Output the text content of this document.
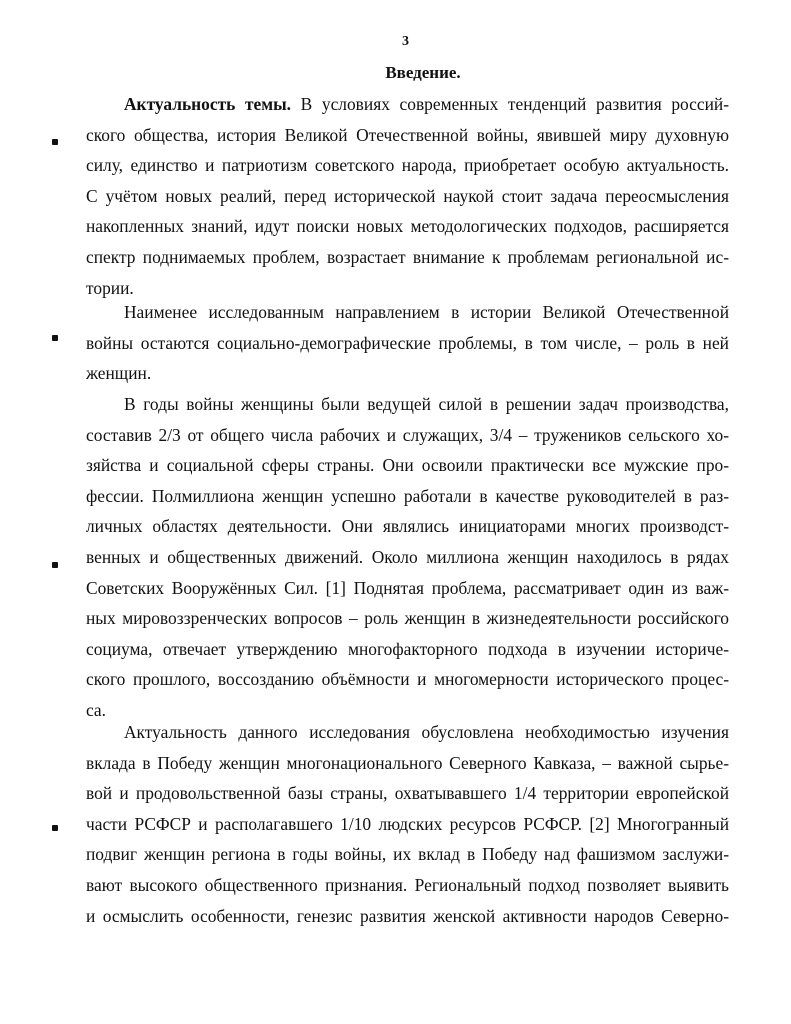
3
Введение.
Актуальность темы. В условиях современных тенденций развития россий-
ского общества, история Великой Отечественной войны, явившей миру духовную
силу, единство и патриотизм советского народа, приобретает особую актуальность.
С учётом новых реалий, перед исторической наукой стоит задача переосмысления
накопленных знаний, идут поиски новых методологических подходов, расширяется
спектр поднимаемых проблем, возрастает внимание к проблемам региональной ис-
тории.
Наименее исследованным направлением в истории Великой Отечественной
войны остаются социально-демографические проблемы, в том числе, – роль в ней
женщин.
В годы войны женщины были ведущей силой в решении задач производства,
составив 2/3 от общего числа рабочих и служащих, 3/4 – тружеников сельского хо-
зяйства и социальной сферы страны. Они освоили практически все мужские про-
фессии. Полмиллиона женщин успешно работали в качестве руководителей в раз-
личных областях деятельности. Они являлись инициаторами многих производст-
венных и общественных движений. Около миллиона женщин находилось в рядах
Советских Вооружённых Сил. [1] Поднятая проблема, рассматривает один из важ-
ных мировоззренческих вопросов – роль женщин в жизнедеятельности российского
социума, отвечает утверждению многофакторного подхода в изучении историче-
ского прошлого, воссозданию объёмности и многомерности исторического процес-
са.
Актуальность данного исследования обусловлена необходимостью изучения
вклада в Победу женщин многонационального Северного Кавказа, – важной сырье-
вой и продовольственной базы страны, охватывавшего 1/4 территории европейской
части РСФСР и располагавшего 1/10 людских ресурсов РСФСР. [2] Многогранный
подвиг женщин региона в годы войны, их вклад в Победу над фашизмом заслужи-
вают высокого общественного признания. Региональный подход позволяет выявить
и осмыслить особенности, генезис развития женской активности народов Северно-
